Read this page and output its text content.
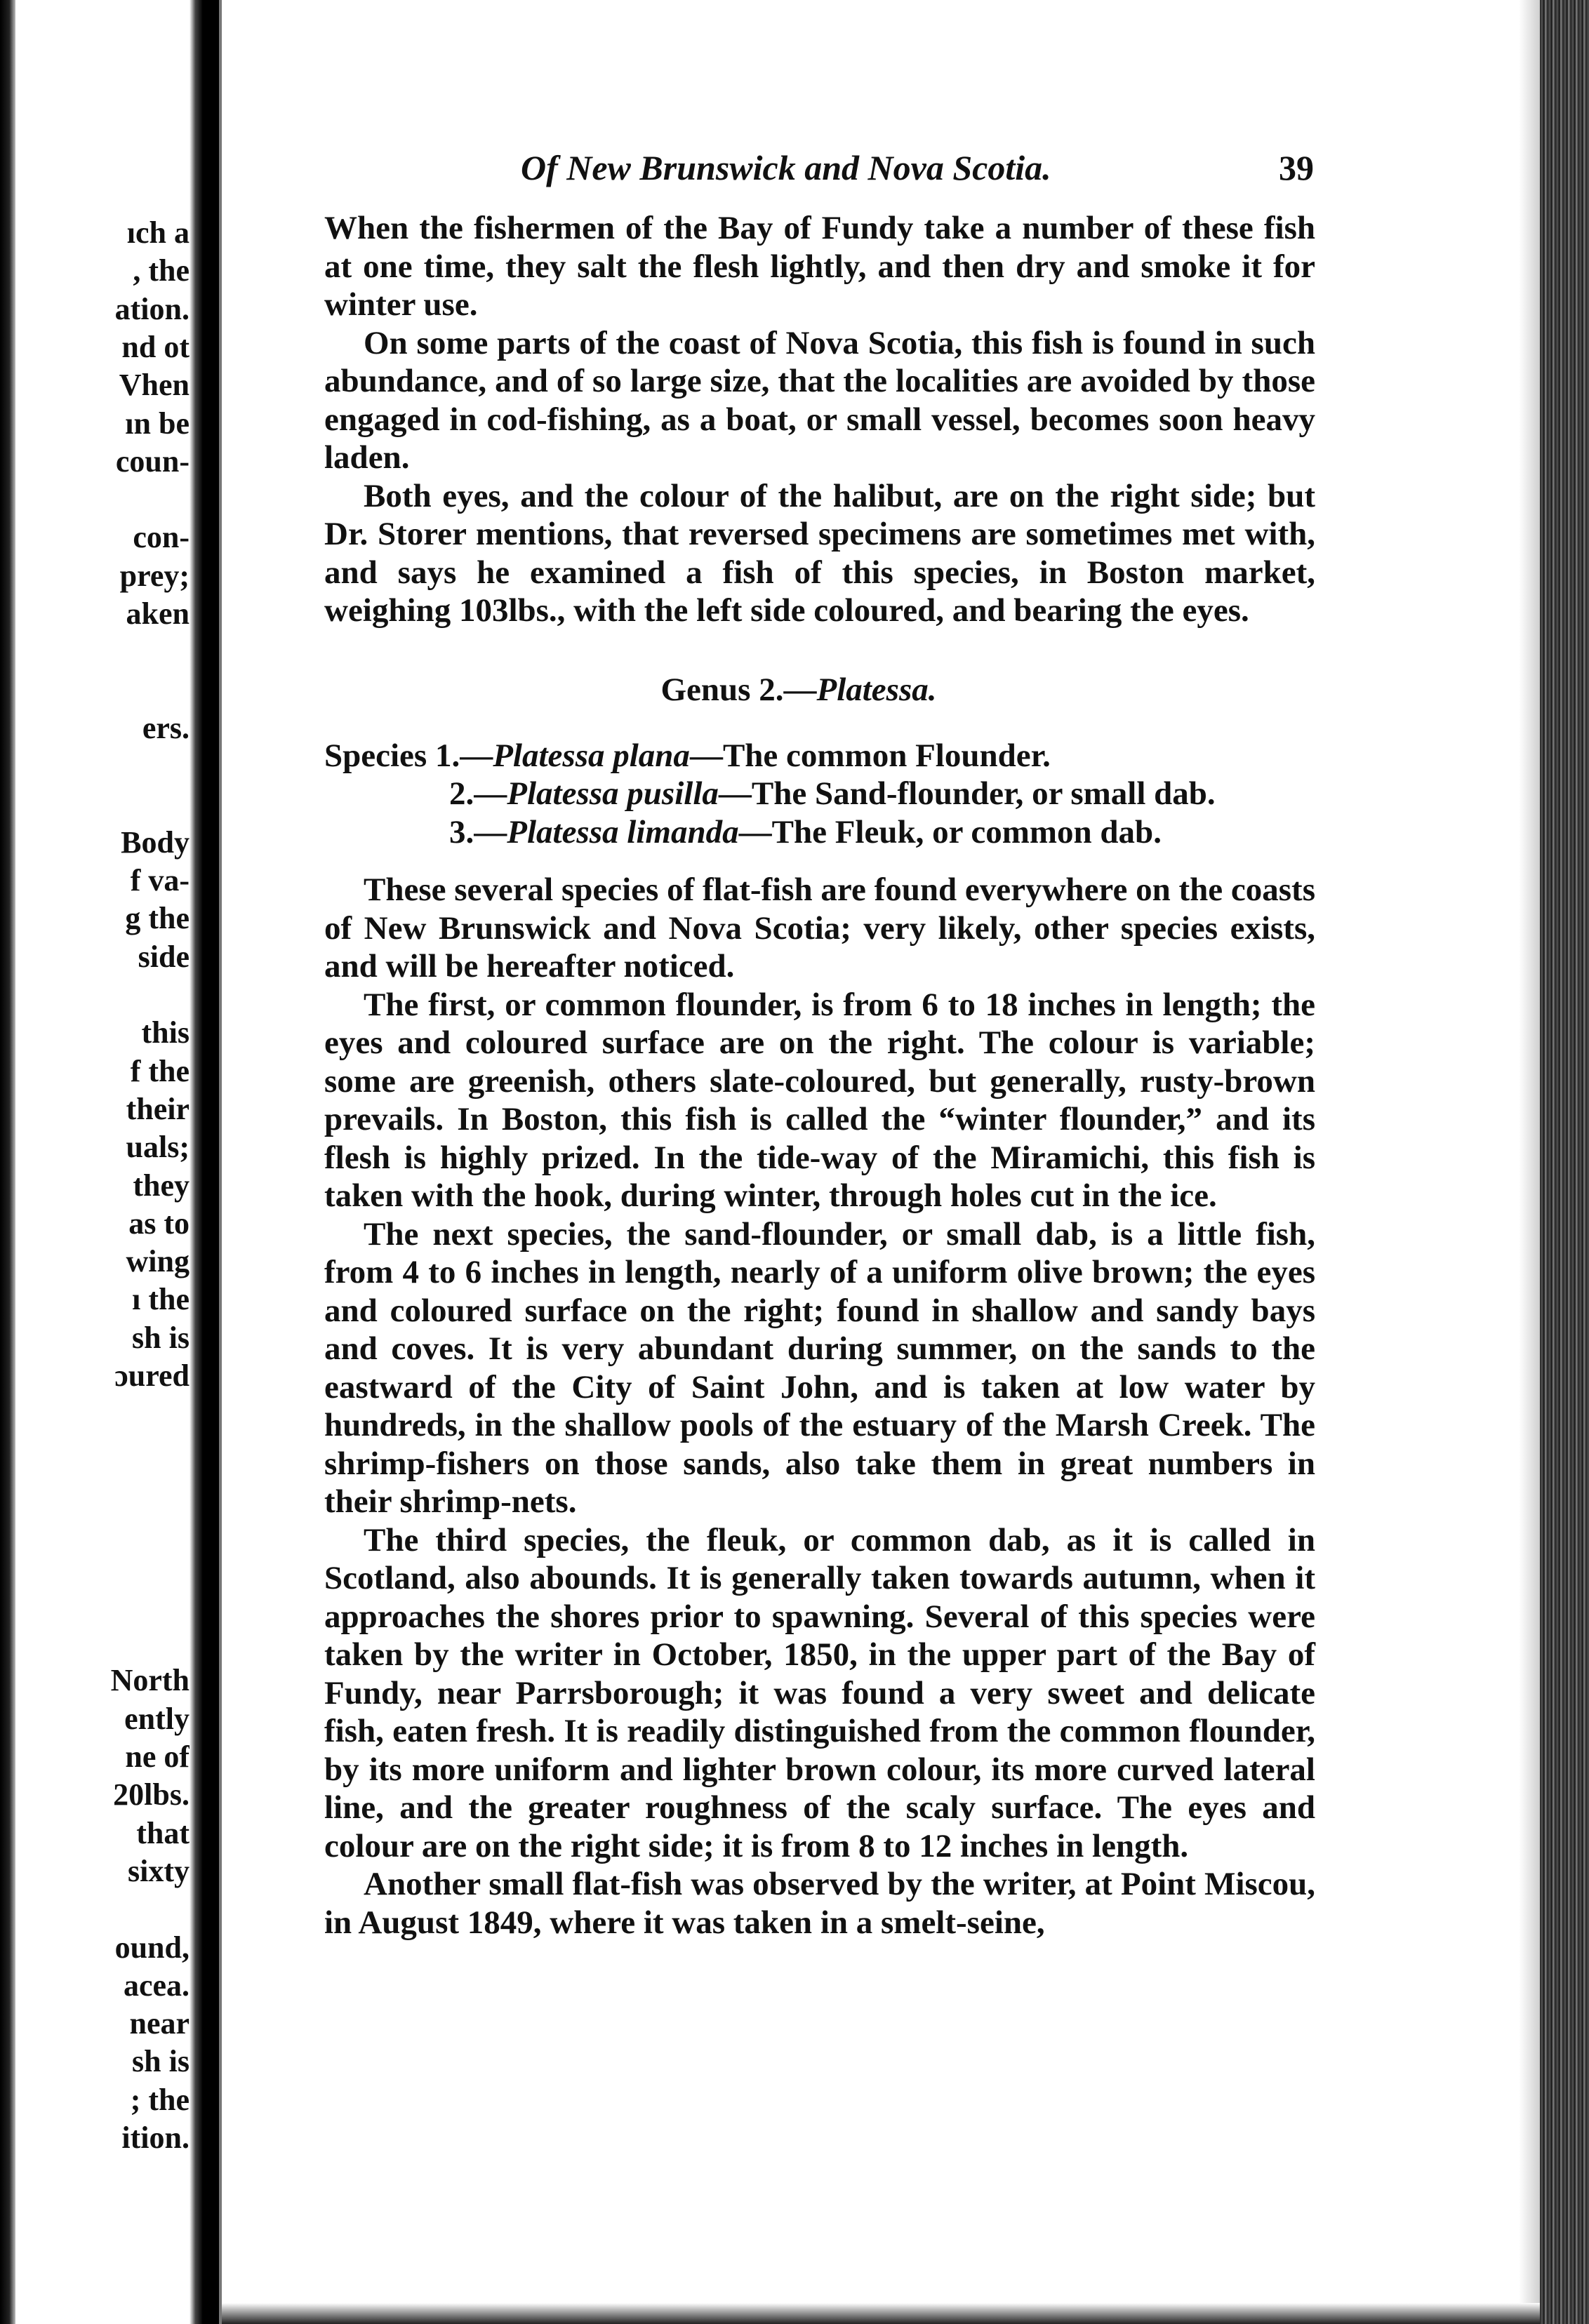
ıch a
, the
ation.
nd ot
Vhen
ın be
coun-
con-
prey;
aken
ers.
Body
f va-
g the
side
this
f the
their
uals;
they
as to
wing
ı the
sh is
ɔured
North
ently
ne of
20lbs.
that
sixty
ound,
acea.
near
sh is
; the
ition.
Of New Brunswick and Nova Scotia.	39

When the fishermen of the Bay of Fundy take a number of these fish at one time, they salt the flesh lightly, and then dry and smoke it for winter use.

On some parts of the coast of Nova Scotia, this fish is found in such abundance, and of so large size, that the localities are avoided by those engaged in cod-fishing, as a boat, or small vessel, becomes soon heavy laden.

Both eyes, and the colour of the halibut, are on the right side; but Dr. Storer mentions, that reversed specimens are sometimes met with, and says he examined a fish of this species, in Boston market, weighing 103lbs., with the left side coloured, and bearing the eyes.

Genus 2.—Platessa.
Species 1.—Platessa plana—The common Flounder.
2.—Platessa pusilla—The Sand-flounder, or small dab.
3.—Platessa limanda—The Fleuk, or common dab.

These several species of flat-fish are found everywhere on the coasts of New Brunswick and Nova Scotia; very likely, other species exists, and will be hereafter noticed.

The first, or common flounder, is from 6 to 18 inches in length; the eyes and coloured surface are on the right. The colour is variable; some are greenish, others slate-coloured, but generally, rusty-brown prevails. In Boston, this fish is called the “winter flounder,” and its flesh is highly prized. In the tide-way of the Miramichi, this fish is taken with the hook, during winter, through holes cut in the ice.

The next species, the sand-flounder, or small dab, is a little fish, from 4 to 6 inches in length, nearly of a uniform olive brown; the eyes and coloured surface on the right; found in shallow and sandy bays and coves. It is very abundant during summer, on the sands to the eastward of the City of Saint John, and is taken at low water by hundreds, in the shallow pools of the estuary of the Marsh Creek. The shrimp-fishers on those sands, also take them in great numbers in their shrimp-nets.

The third species, the fleuk, or common dab, as it is called in Scotland, also abounds. It is generally taken towards autumn, when it approaches the shores prior to spawning. Several of this species were taken by the writer in October, 1850, in the upper part of the Bay of Fundy, near Parrsborough; it was found a very sweet and delicate fish, eaten fresh. It is readily distinguished from the common flounder, by its more uniform and lighter brown colour, its more curved lateral line, and the greater roughness of the scaly surface. The eyes and colour are on the right side; it is from 8 to 12 inches in length.

Another small flat-fish was observed by the writer, at Point Miscou, in August 1849, where it was taken in a smelt-seine,
